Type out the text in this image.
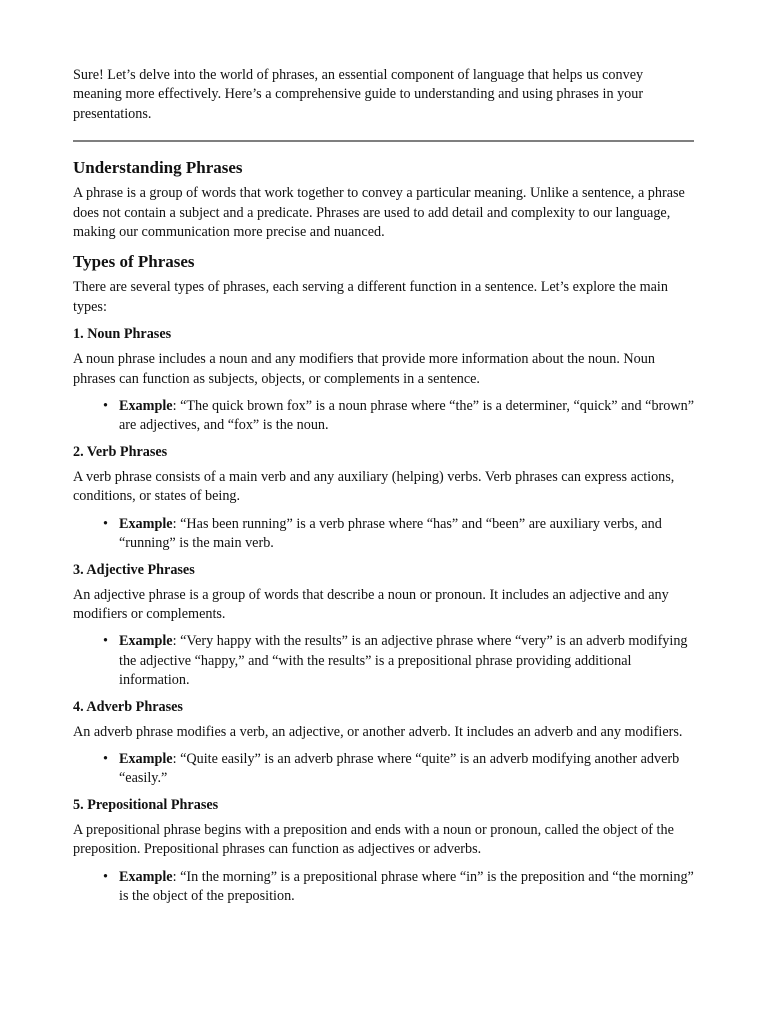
Sure! Let’s delve into the world of phrases, an essential component of language that helps us convey meaning more effectively. Here’s a comprehensive guide to understanding and using phrases in your presentations.

Understanding Phrases

A phrase is a group of words that work together to convey a particular meaning. Unlike a sentence, a phrase does not contain a subject and a predicate. Phrases are used to add detail and complexity to our language, making our communication more precise and nuanced.

Types of Phrases

There are several types of phrases, each serving a different function in a sentence. Let’s explore the main types:

1. Noun Phrases

A noun phrase includes a noun and any modifiers that provide more information about the noun. Noun phrases can function as subjects, objects, or complements in a sentence.

• Example: “The quick brown fox” is a noun phrase where “the” is a determiner, “quick” and “brown” are adjectives, and “fox” is the noun.
2. Verb Phrases

A verb phrase consists of a main verb and any auxiliary (helping) verbs. Verb phrases can express actions, conditions, or states of being.

• Example: “Has been running” is a verb phrase where “has” and “been” are auxiliary verbs, and “running” is the main verb.
3. Adjective Phrases

An adjective phrase is a group of words that describe a noun or pronoun. It includes an adjective and any modifiers or complements.

• Example: “Very happy with the results” is an adjective phrase where “very” is an adverb modifying the adjective “happy,” and “with the results” is a prepositional phrase providing additional information.
4. Adverb Phrases

An adverb phrase modifies a verb, an adjective, or another adverb. It includes an adverb and any modifiers.

• Example: “Quite easily” is an adverb phrase where “quite” is an adverb modifying another adverb “easily.”
5. Prepositional Phrases

A prepositional phrase begins with a preposition and ends with a noun or pronoun, called the object of the preposition. Prepositional phrases can function as adjectives or adverbs.

• Example: “In the morning” is a prepositional phrase where “in” is the preposition and “the morning” is the object of the preposition.
